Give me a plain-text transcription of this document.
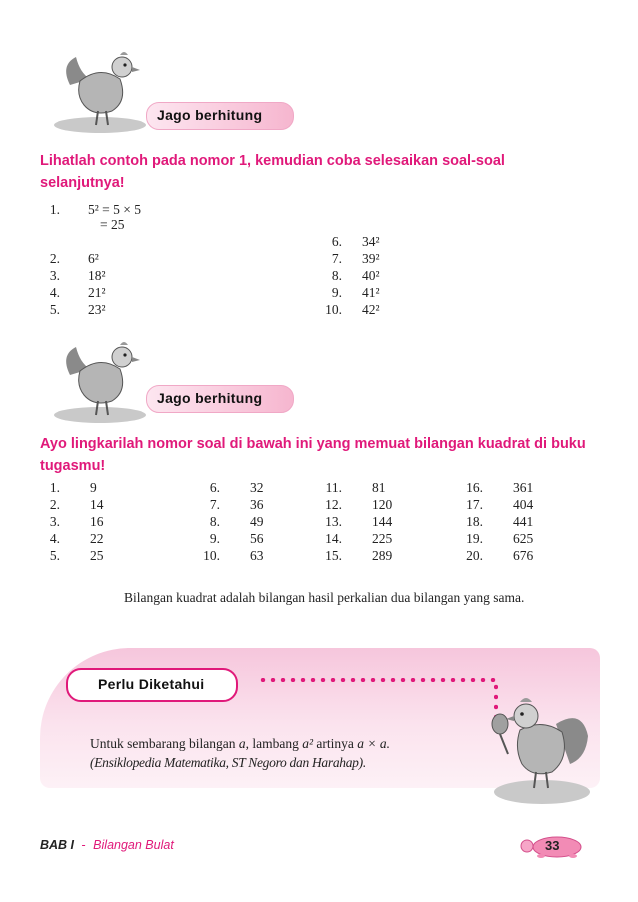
Jago berhitung
Lihatlah contoh pada nomor 1, kemudian coba selesaikan soal-soal selanjutnya!
1. 5² = 5 × 5
= 25
2. 6²
3. 18²
4. 21²
5. 23²
6. 34²
7. 39²
8. 40²
9. 41²
10. 42²
Jago berhitung
Ayo lingkarilah nomor soal di bawah ini yang memuat bilangan kuadrat di buku tugasmu!
1. 9
2. 14
3. 16
4. 22
5. 25
6. 32
7. 36
8. 49
9. 56
10. 63
11. 81
12. 120
13. 144
14. 225
15. 289
16. 361
17. 404
18. 441
19. 625
20. 676
Bilangan kuadrat adalah bilangan hasil perkalian dua bilangan yang sama.
Perlu Diketahui
Untuk sembarang bilangan a, lambang a² artinya a × a.
(Ensiklopedia Matematika, ST Negoro dan Harahap).
BAB I - Bilangan Bulat	33
